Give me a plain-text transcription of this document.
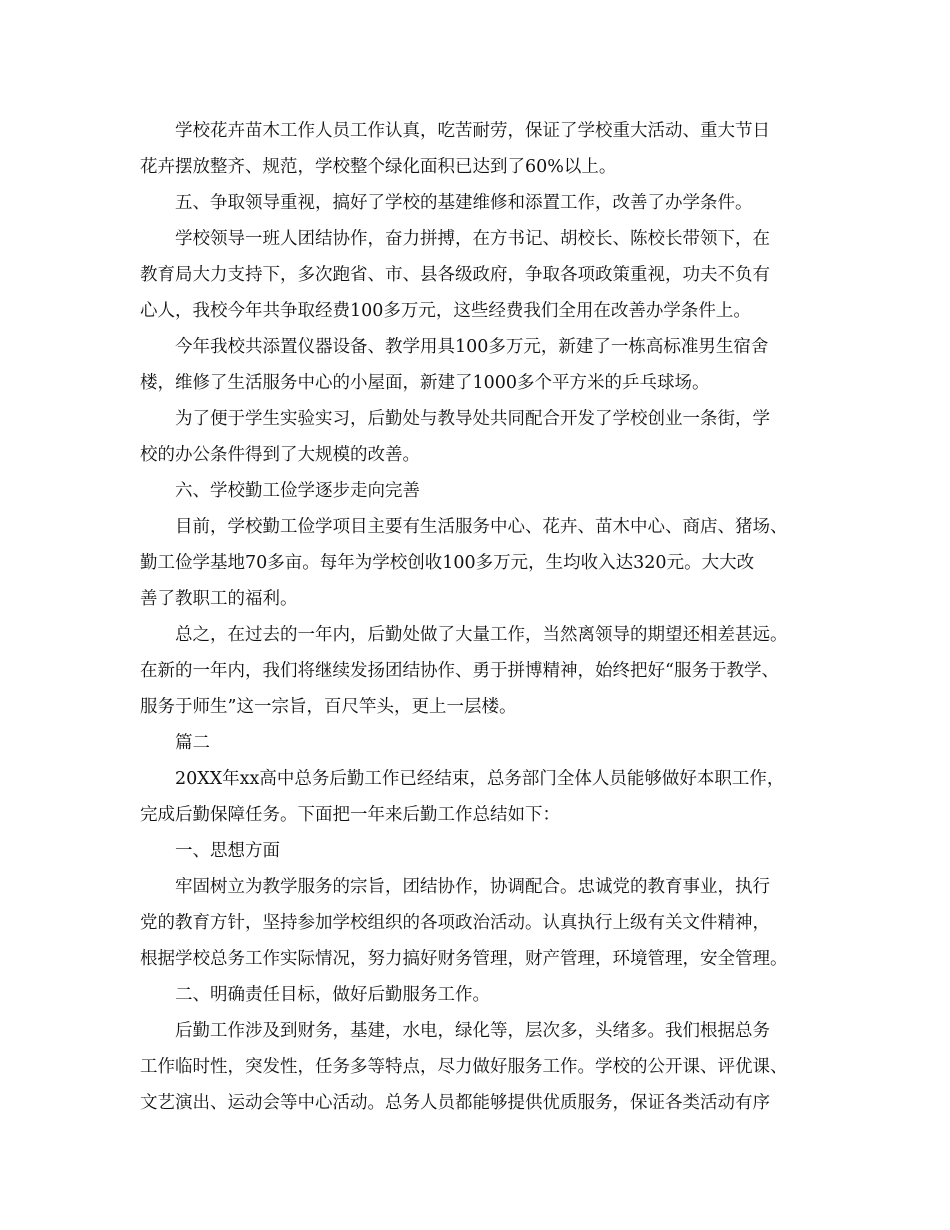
学校花卉苗木工作人员工作认真，吃苦耐劳，保证了学校重大活动、重大节日
花卉摆放整齐、规范，学校整个绿化面积已达到了60%以上。
五、争取领导重视，搞好了学校的基建维修和添置工作，改善了办学条件。
学校领导一班人团结协作，奋力拼搏，在方书记、胡校长、陈校长带领下，在
教育局大力支持下，多次跑省、市、县各级政府，争取各项政策重视，功夫不负有
心人，我校今年共争取经费100多万元，这些经费我们全用在改善办学条件上。
今年我校共添置仪器设备、教学用具100多万元，新建了一栋高标准男生宿舍
楼，维修了生活服务中心的小屋面，新建了1000多个平方米的乒乓球场。
为了便于学生实验实习，后勤处与教导处共同配合开发了学校创业一条街，学
校的办公条件得到了大规模的改善。
六、学校勤工俭学逐步走向完善
目前，学校勤工俭学项目主要有生活服务中心、花卉、苗木中心、商店、猪场、
勤工俭学基地70多亩。每年为学校创收100多万元，生均收入达320元。大大改
善了教职工的福利。
总之，在过去的一年内，后勤处做了大量工作，当然离领导的期望还相差甚远。
在新的一年内，我们将继续发扬团结协作、勇于拼博精神，始终把好“服务于教学、
服务于师生”这一宗旨，百尺竿头，更上一层楼。
篇二
20XX年xx高中总务后勤工作已经结束，总务部门全体人员能够做好本职工作，
完成后勤保障任务。下面把一年来后勤工作总结如下：
一、思想方面
牢固树立为教学服务的宗旨，团结协作，协调配合。忠诚党的教育事业，执行
党的教育方针，坚持参加学校组织的各项政治活动。认真执行上级有关文件精神，
根据学校总务工作实际情况，努力搞好财务管理，财产管理，环境管理，安全管理。
二、明确责任目标，做好后勤服务工作。
后勤工作涉及到财务，基建，水电，绿化等，层次多，头绪多。我们根据总务
工作临时性，突发性，任务多等特点，尽力做好服务工作。学校的公开课、评优课、
文艺演出、运动会等中心活动。总务人员都能够提供优质服务，保证各类活动有序
